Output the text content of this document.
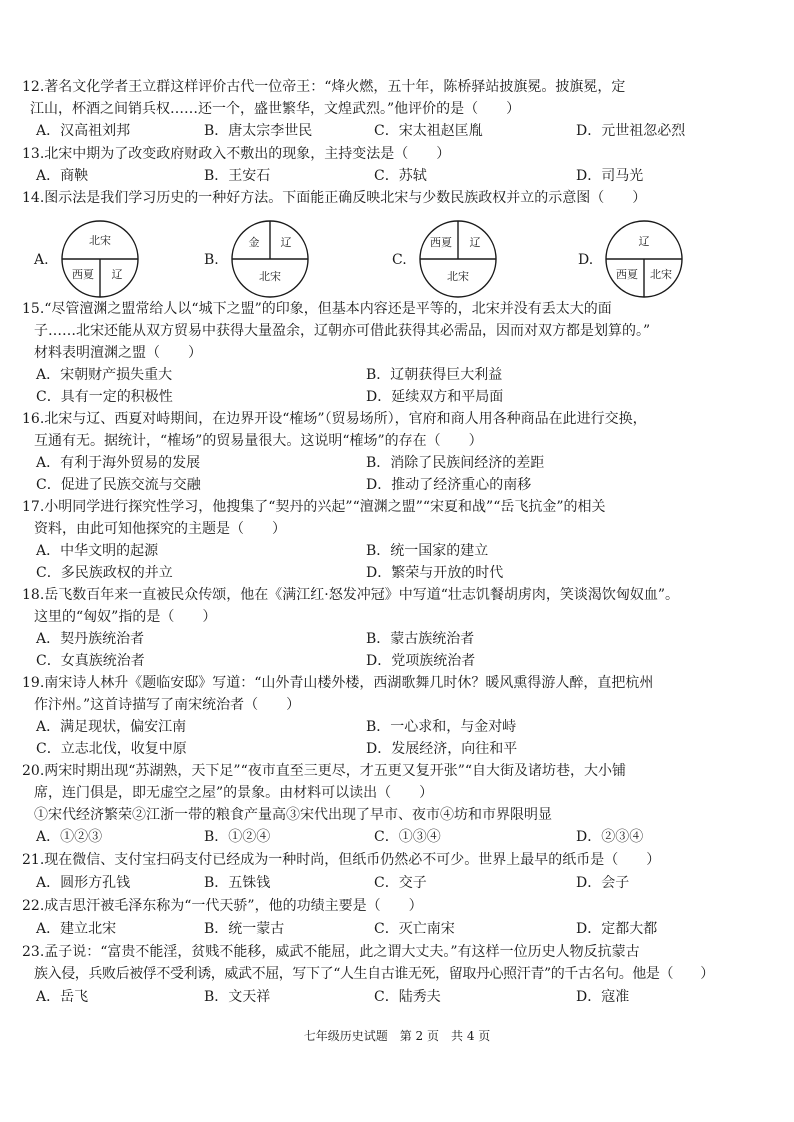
12.著名文化学者王立群这样评价古代一位帝王：“烽火燃，五十年，陈桥驿站披旗冕。披旗冕，定

江山，杯酒之间销兵权……还一个，盛世繁华，文煌武烈。”他评价的是（　　）
A．汉高祖刘邦	B．唐太宗李世民	C．宋太祖赵匡胤	D．元世祖忽必烈
13.北宋中期为了改变政府财政入不敷出的现象，主持变法是（　　）
A．商鞅	B．王安石	C．苏轼	D．司马光
14.图示法是我们学习历史的一种好方法。下面能正确反映北宋与少数民族政权并立的示意图（　　）
A.
北宋
西夏 辽
B.
金 辽
北宋
C.
西夏 辽
北宋
D.
辽
西夏 北宋
15.“尽管澶渊之盟常给人以“城下之盟”的印象，但基本内容还是平等的，北宋并没有丢太大的面

子……北宋还能从双方贸易中获得大量盈余，辽朝亦可借此获得其必需品，因而对双方都是划算的。”
材料表明澶渊之盟（　　）
A．宋朝财产损失重大	B．辽朝获得巨大利益
C．具有一定的积极性	D．延续双方和平局面
16.北宋与辽、西夏对峙期间，在边界开设“榷场”（贸易场所），官府和商人用各种商品在此进行交换，

互通有无。据统计，“榷场”的贸易量很大。这说明“榷场”的存在（　　）
A．有利于海外贸易的发展	B．消除了民族间经济的差距
C．促进了民族交流与交融	D．推动了经济重心的南移
17.小明同学进行探究性学习，他搜集了“契丹的兴起”“澶渊之盟”“宋夏和战”“岳飞抗金”的相关

资料，由此可知他探究的主题是（　　）
A．中华文明的起源	B．统一国家的建立
C．多民族政权的并立	D．繁荣与开放的时代
18.岳飞数百年来一直被民众传颂，他在《满江红·怒发冲冠》中写道“壮志饥餐胡虏肉，笑谈渴饮匈奴血”。

这里的“匈奴”指的是（　　）
A．契丹族统治者	B．蒙古族统治者
C．女真族统治者	D．党项族统治者
19.南宋诗人林升《题临安邸》写道：“山外青山楼外楼，西湖歌舞几时休？暖风熏得游人醉，直把杭州

作汴州。”这首诗描写了南宋统治者（　　）
A．满足现状，偏安江南	B．一心求和，与金对峙
C．立志北伐，收复中原	D．发展经济，向往和平
20.两宋时期出现“苏湖熟，天下足”“夜市直至三更尽，才五更又复开张”“自大街及诸坊巷，大小铺

席，连门俱是，即无虚空之屋”的景象。由材料可以读出（　　）
①宋代经济繁荣②江浙一带的粮食产量高③宋代出现了早市、夜市④坊和市界限明显
A．①②③	B．①②④	C．①③④	D．②③④
21.现在微信、支付宝扫码支付已经成为一种时尚，但纸币仍然必不可少。世界上最早的纸币是（　　）
A．圆形方孔钱	B．五铢钱	C．交子	D．会子
22.成吉思汗被毛泽东称为“一代天骄”，他的功绩主要是（　　）
A．建立北宋	B．统一蒙古	C．灭亡南宋	D．定都大都
23.孟子说：“富贵不能淫，贫贱不能移，威武不能屈，此之谓大丈夫。”有这样一位历史人物反抗蒙古

族入侵，兵败后被俘不受利诱，威武不屈，写下了“人生自古谁无死，留取丹心照汗青”的千古名句。他是（　　）
A．岳飞	B．文天祥	C．陆秀夫	D．寇准
七年级历史试题　第 2 页　共 4 页
